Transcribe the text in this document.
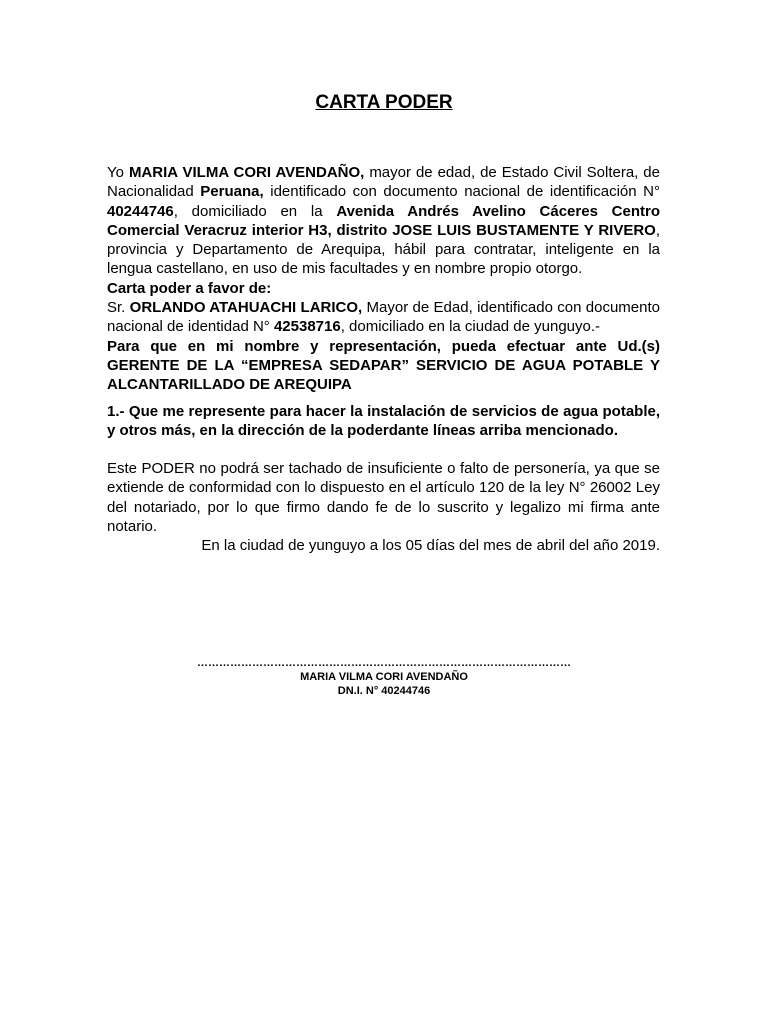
CARTA PODER

Yo MARIA VILMA CORI AVENDAÑO, mayor de edad, de Estado Civil Soltera, de Nacionalidad Peruana, identificado con documento nacional de identificación N° 40244746, domiciliado en la Avenida Andrés Avelino Cáceres Centro Comercial Veracruz interior H3, distrito JOSE LUIS BUSTAMENTE Y RIVERO, provincia y Departamento de Arequipa, hábil para contratar, inteligente en la lengua castellano, en uso de mis facultades y en nombre propio otorgo.

Carta poder a favor de:

Sr. ORLANDO ATAHUACHI LARICO, Mayor de Edad, identificado con documento nacional de identidad N° 42538716, domiciliado en la ciudad de yunguyo.-

Para que en mi nombre y representación, pueda efectuar ante Ud.(s) GERENTE DE LA “EMPRESA SEDAPAR” SERVICIO DE AGUA POTABLE Y ALCANTARILLADO DE AREQUIPA

1.- Que me represente para hacer la instalación de servicios de agua potable, y otros más, en la dirección de la poderdante líneas arriba mencionado.

Este PODER no podrá ser tachado de insuficiente o falto de personería, ya que se extiende de conformidad con lo dispuesto en el artículo 120 de la ley N° 26002 Ley del notariado, por lo que firmo dando fe de lo suscrito y legalizo mi firma ante notario.

En la ciudad de yunguyo a los 05 días del mes de abril del año 2019.

…………………………………………………………………………………………
MARIA VILMA CORI AVENDAÑO
DN.I. N° 40244746
